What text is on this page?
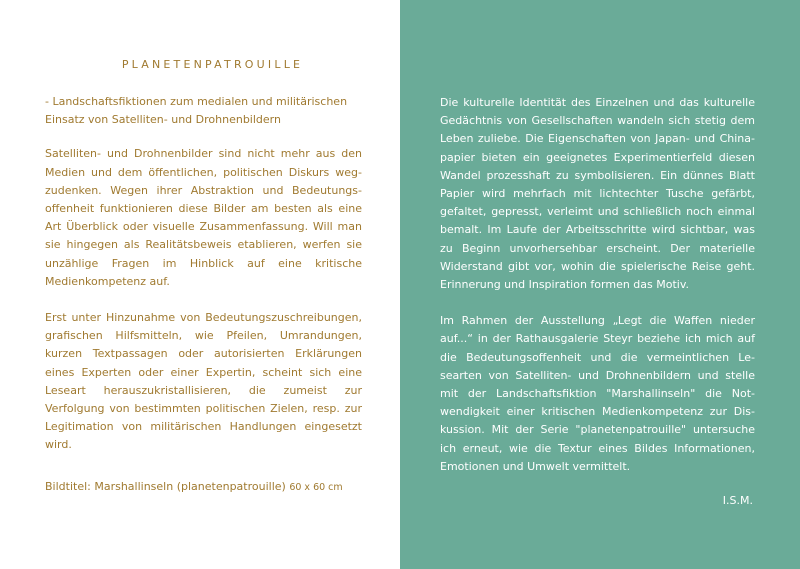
PLANETENPATROUILLE

- Landschaftsfiktionen zum medialen und militärischen Einsatz von Satelliten- und Drohnenbildern

Satelliten- und Drohnenbilder sind nicht mehr aus den Medien und dem öffentlichen, politischen Diskurs wegzudenken. Wegen ihrer Abstraktion und Bedeutungsoffenheit funktionieren diese Bilder am besten als eine Art Überblick oder visuelle Zusammenfassung. Will man sie hingegen als Realitätsbeweis etablieren, werfen sie unzählige Fragen im Hinblick auf eine kritische Medienkompetenz auf.

Erst unter Hinzunahme von Bedeutungszuschreibungen, grafischen Hilfsmitteln, wie Pfeilen, Umrandungen, kurzen Textpassagen oder autorisierten Erklärungen eines Experten oder einer Expertin, scheint sich eine Leseart herauszukristallisieren, die zumeist zur Verfolgung von bestimmten politischen Zielen, resp. zur Legitimation von militärischen Handlungen eingesetzt wird.

Bildtitel: Marshallinseln (planetenpatrouille) 60 x 60 cm

Die kulturelle Identität des Einzelnen und das kulturelle Gedächtnis von Gesellschaften wandeln sich stetig dem Leben zuliebe. Die Eigenschaften von Japan- und Chinapapier bieten ein geeignetes Experimentierfeld diesen Wandel prozesshaft zu symbolisieren. Ein dünnes Blatt Papier wird mehrfach mit lichtechter Tusche gefärbt, gefaltet, gepresst, verleimt und schließlich noch einmal bemalt. Im Laufe der Arbeitsschritte wird sichtbar, was zu Beginn unvorhersehbar erscheint. Der materielle Widerstand gibt vor, wohin die spielerische Reise geht. Erinnerung und Inspiration formen das Motiv.

Im Rahmen der Ausstellung „Legt die Waffen nieder auf...“ in der Rathausgalerie Steyr beziehe ich mich auf die Bedeutungsoffenheit und die vermeintlichen Lesearten von Satelliten- und Drohnenbildern und stelle mit der Landschaftsfiktion "Marshallinseln" die Notwendigkeit einer kritischen Medienkompetenz zur Diskussion. Mit der Serie "planetenpatrouille" untersuche ich erneut, wie die Textur eines Bildes Informationen, Emotionen und Umwelt vermittelt.

I.S.M.
